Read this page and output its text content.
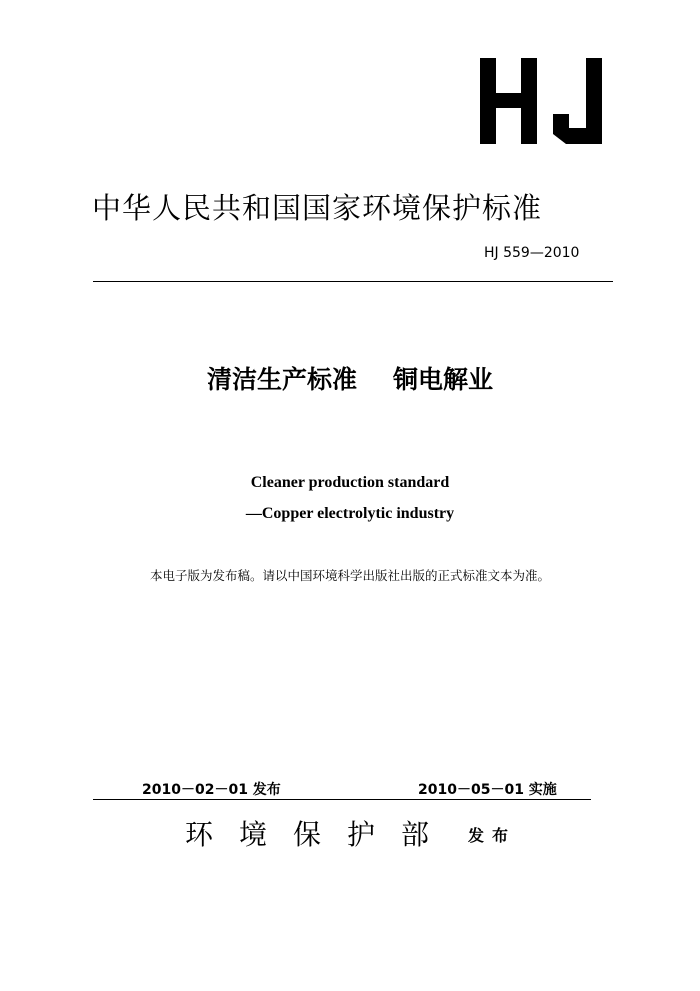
中华人民共和国国家环境保护标准
HJ 559—2010
清洁生产标准 铜电解业
Cleaner production standard
—Copper electrolytic industry
本电子版为发布稿。请以中国环境科学出版社出版的正式标准文本为准。
2010－02－01 发布	2010－05－01 实施
环境保护部 发布
